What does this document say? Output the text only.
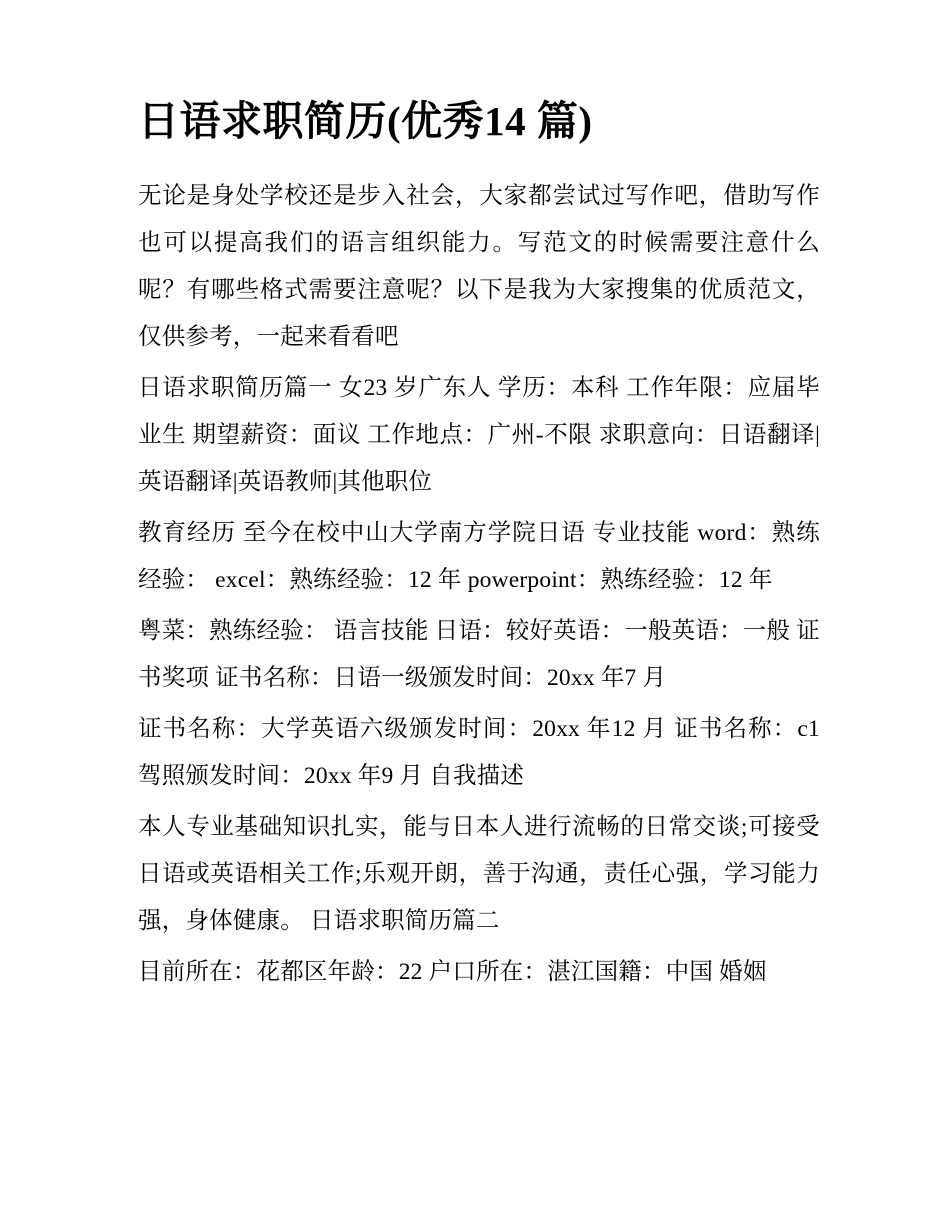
日语求职简历(优秀14 篇)

无论是身处学校还是步入社会，大家都尝试过写作吧，借助写作也可以提高我们的语言组织能力。写范文的时候需要注意什么呢？有哪些格式需要注意呢？以下是我为大家搜集的优质范文，仅供参考，一起来看看吧

日语求职简历篇一 女23 岁广东人 学历：本科 工作年限：应届毕业生 期望薪资：面议 工作地点：广州-不限 求职意向：日语翻译|英语翻译|英语教师|其他职位

教育经历 至今在校中山大学南方学院日语 专业技能 word：熟练经验： excel：熟练经验：12 年 powerpoint：熟练经验：12 年

粤菜：熟练经验： 语言技能 日语：较好英语：一般英语：一般 证书奖项 证书名称：日语一级颁发时间：20xx 年7 月

证书名称：大学英语六级颁发时间：20xx 年12 月 证书名称：c1 驾照颁发时间：20xx 年9 月 自我描述

本人专业基础知识扎实，能与日本人进行流畅的日常交谈;可接受日语或英语相关工作;乐观开朗，善于沟通，责任心强，学习能力强，身体健康。 日语求职简历篇二

目前所在：花都区年龄：22 户口所在：湛江国籍：中国 婚姻
